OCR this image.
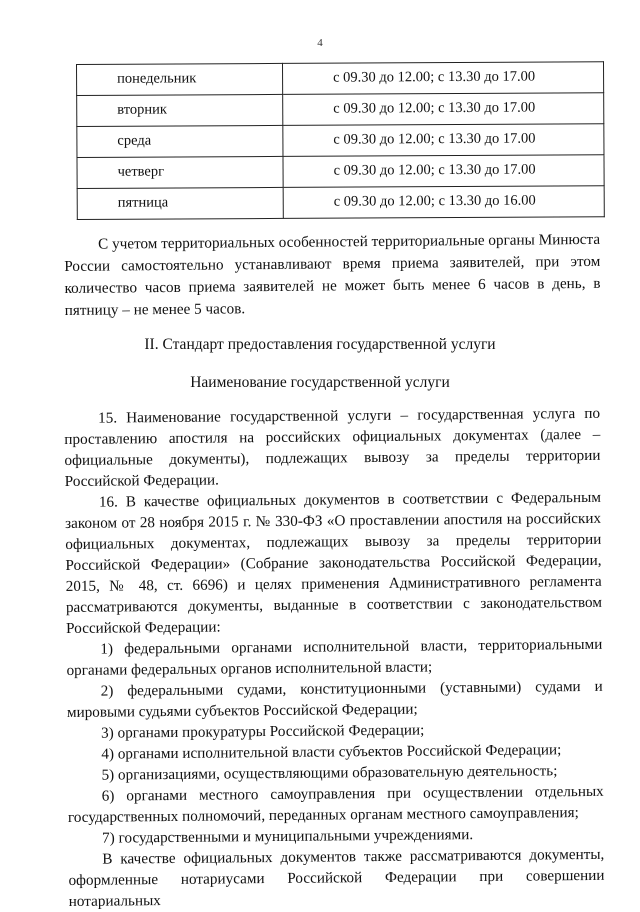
4
понедельник	с 09.30 до 12.00; с 13.30 до 17.00
вторник	с 09.30 до 12.00; с 13.30 до 17.00
среда	с 09.30 до 12.00; с 13.30 до 17.00
четверг	с 09.30 до 12.00; с 13.30 до 17.00
пятница	с 09.30 до 12.00; с 13.30 до 16.00

С учетом территориальных особенностей территориальные органы Минюста России самостоятельно устанавливают время приема заявителей, при этом количество часов приема заявителей не может быть менее 6 часов в день, в пятницу – не менее 5 часов.

II. Стандарт предоставления государственной услуги
Наименование государственной услуги

15. Наименование государственной услуги – государственная услуга по проставлению апостиля на российских официальных документах (далее – официальные документы), подлежащих вывозу за пределы территории Российской Федерации.

16. В качестве официальных документов в соответствии с Федеральным законом от 28 ноября 2015 г. № 330-ФЗ «О проставлении апостиля на российских официальных документах, подлежащих вывозу за пределы территории Российской Федерации» (Собрание законодательства Российской Федерации, 2015, № 48, ст. 6696) и целях применения Административного регламента рассматриваются документы, выданные в соответствии с законодательством Российской Федерации:

1) федеральными органами исполнительной власти, территориальными органами федеральных органов исполнительной власти;

2) федеральными судами, конституционными (уставными) судами и мировыми судьями субъектов Российской Федерации;

3) органами прокуратуры Российской Федерации;

4) органами исполнительной власти субъектов Российской Федерации;

5) организациями, осуществляющими образовательную деятельность;

6) органами местного самоуправления при осуществлении отдельных государственных полномочий, переданных органам местного самоуправления;

7) государственными и муниципальными учреждениями.

В качестве официальных документов также рассматриваются документы, оформленные нотариусами Российской Федерации при совершении нотариальных
